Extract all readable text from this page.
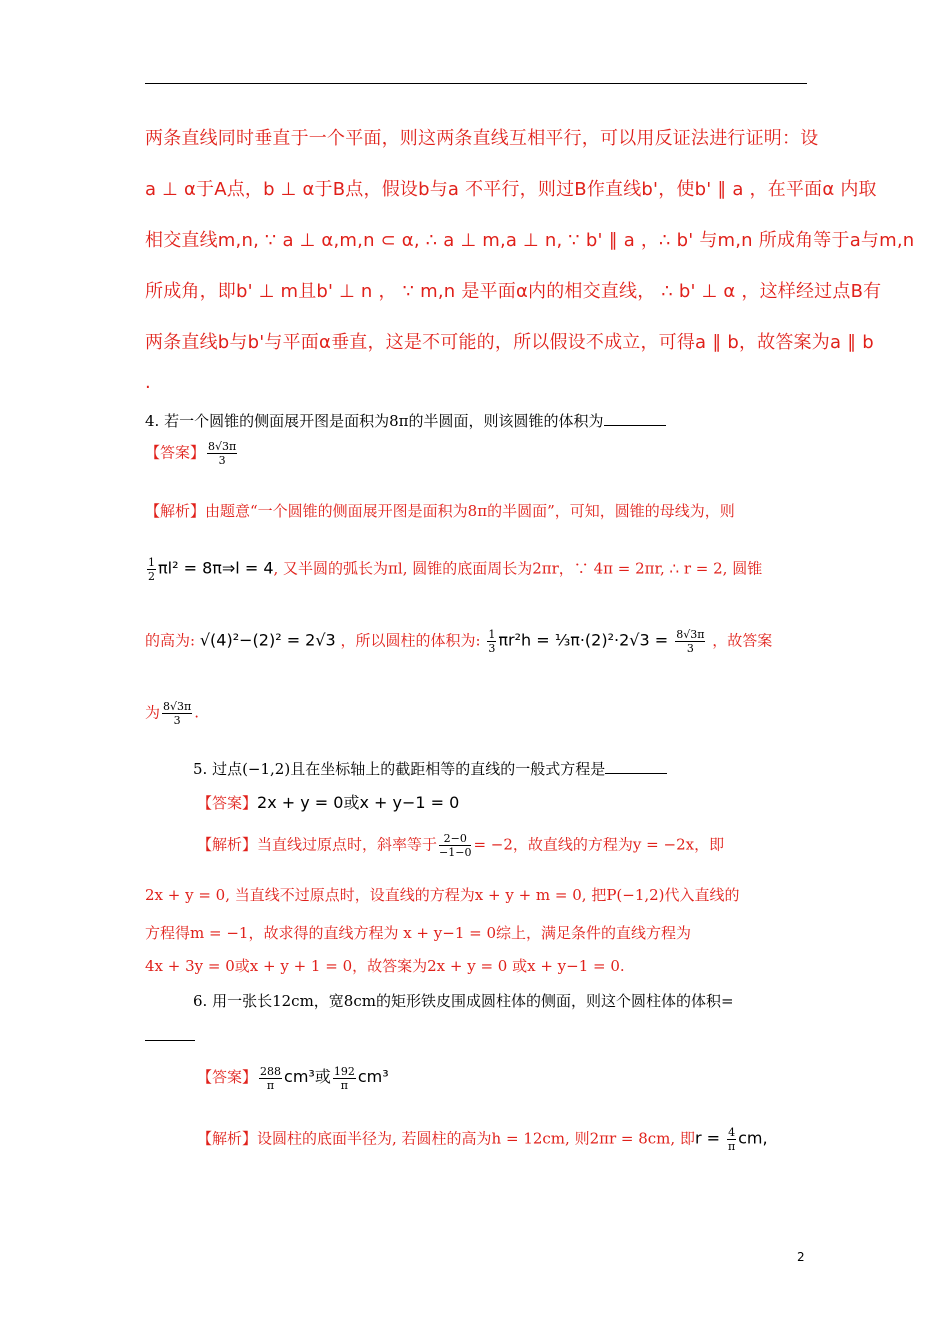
两条直线同时垂直于一个平面，则这两条直线互相平行，可以用反证法进行证明：设
a ⊥ α于A点，b ⊥ α于B点，假设b与a 不平行，则过B作直线b'，使b' ∥ a ，在平面α 内取
相交直线m,n, ∵ a ⊥ α,m,n ⊂ α, ∴ a ⊥ m,a ⊥ n, ∵ b' ∥ a ，∴ b' 与m,n 所成角等于a与m,n
所成角，即b' ⊥ m且b' ⊥ n ， ∵ m,n 是平面α内的相交直线， ∴ b' ⊥ α ，这样经过点B有
两条直线b与b'与平面α垂直，这是不可能的，所以假设不成立，可得a ∥ b，故答案为a ∥ b
.
4. 若一个圆锥的侧面展开图是面积为8π的半圆面，则该圆锥的体积为
【答案】 $\frac{8√3\pi}{3}$
【解析】由题意“一个圆锥的侧面展开图是面积为8π的半圆面”，可知，圆锥的母线为，则
$\frac{1}{2} \pi l^2$ = 8π⇒l = 4, 又半圆的弧长为πl, 圆锥的底面周长为2πr，∵ 4π = 2πr, ∴ r = 2, 圆锥
的高为: √(4)²−(2)² = 2√3 ，所以圆柱的体积为: $\frac{1}{3} \pi r^2h$ = ⅓π·(2)²·2√3 = $\frac{8√3\pi}{3}$ ，故答案
为 $\frac{8√3\pi}{3}$ .
5. 过点(−1,2)且在坐标轴上的截距相等的直线的一般式方程是
【答案】2x + y = 0或x + y−1 = 0
【解析】当直线过原点时，斜率等于 $\frac{2-0}{-1-0} = -2$，故直线的方程为y = −2x，即
2x + y = 0, 当直线不过原点时，设直线的方程为x + y + m = 0, 把P(−1,2)代入直线的
方程得m = −1，故求得的直线方程为 x + y−1 = 0综上，满足条件的直线方程为
4x + 3y = 0或x + y + 1 = 0，故答案为2x + y = 0 或x + y−1 = 0.
6. 用一张长12cm，宽8cm的矩形铁皮围成圆柱体的侧面，则这个圆柱体的体积=
【答案】 $\frac{288}{\pi} cm^3$或 $\frac{192}{\pi} cm^3$
【解析】设圆柱的底面半径为, 若圆柱的高为h = 12cm, 则2πr = 8cm, 即$r = \frac{4}{\pi}$ cm,
2
